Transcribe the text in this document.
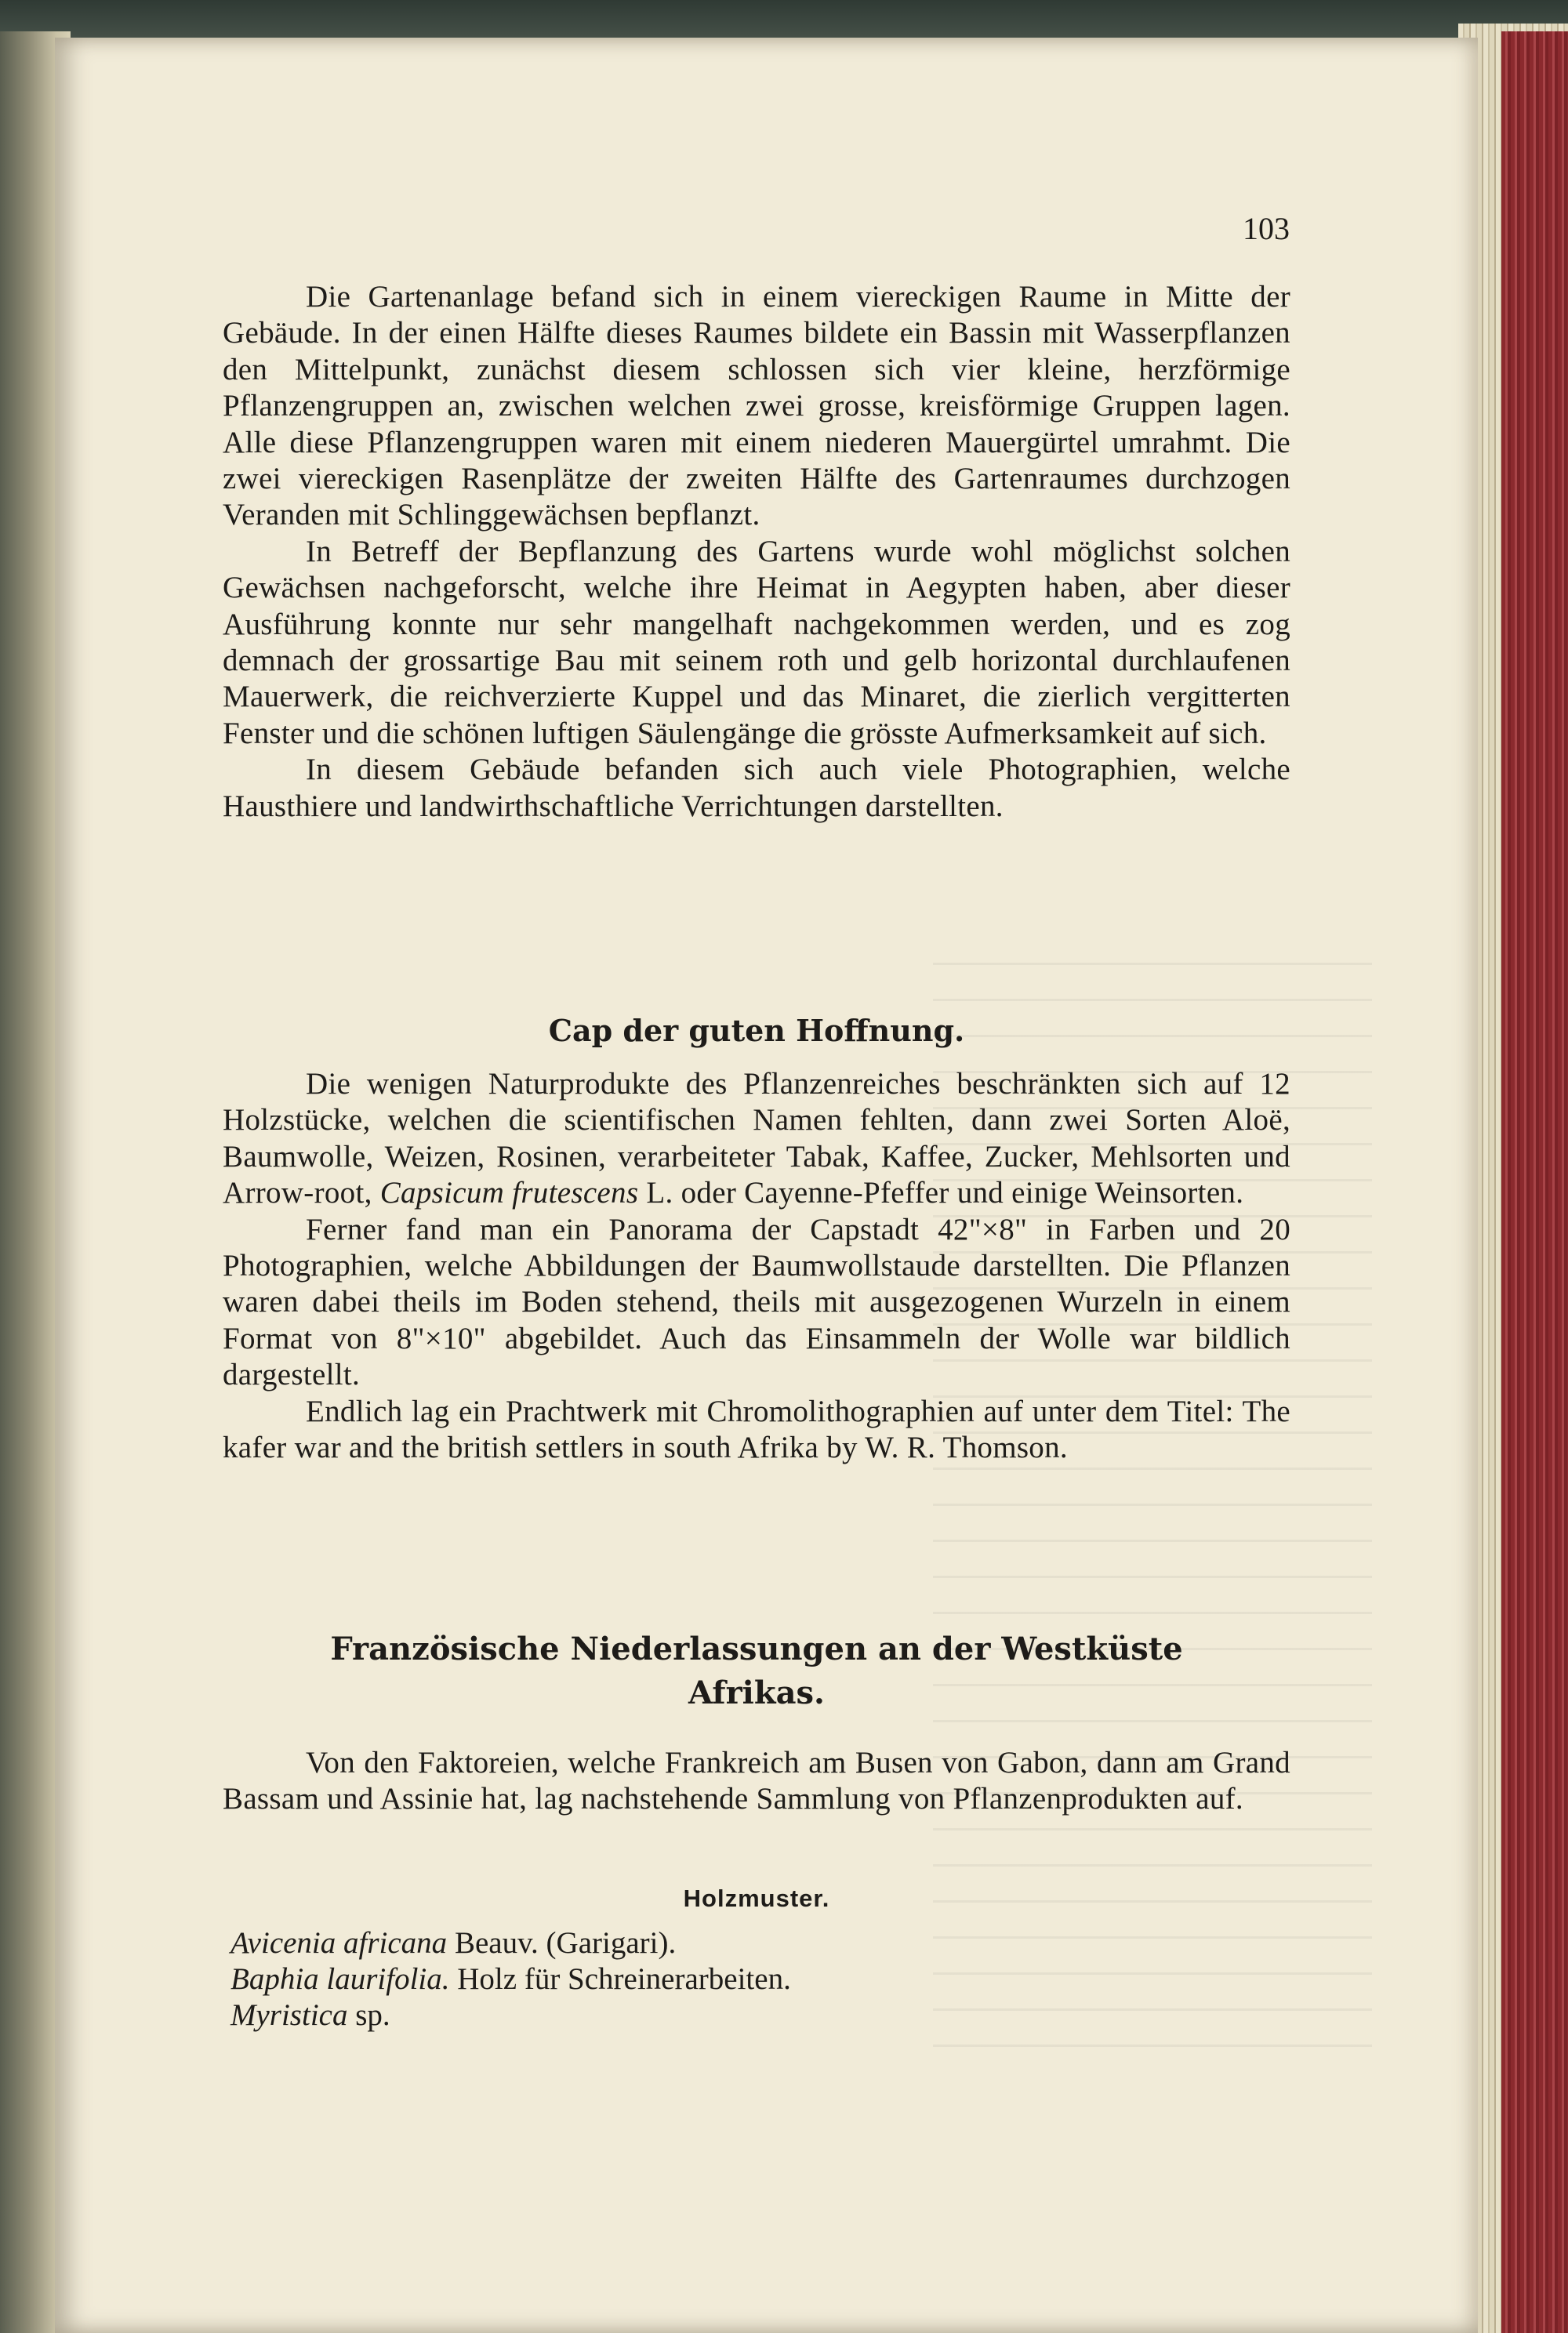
103

Die Gartenanlage befand sich in einem viereckigen Raume in Mitte der Gebäude. In der einen Hälfte dieses Raumes bildete ein Bassin mit Wasserpflanzen den Mittelpunkt, zunächst diesem schlossen sich vier kleine, herzförmige Pflanzengruppen an, zwischen welchen zwei grosse, kreisförmige Gruppen lagen. Alle diese Pflanzengruppen waren mit einem niederen Mauergürtel umrahmt. Die zwei viereckigen Rasenplätze der zweiten Hälfte des Gartenraumes durchzogen Veranden mit Schlinggewächsen bepflanzt.

In Betreff der Bepflanzung des Gartens wurde wohl möglichst solchen Gewächsen nachgeforscht, welche ihre Heimat in Aegypten haben, aber dieser Ausführung konnte nur sehr mangelhaft nachgekommen werden, und es zog demnach der grossartige Bau mit seinem roth und gelb horizontal durchlaufenen Mauerwerk, die reichverzierte Kuppel und das Minaret, die zierlich vergitterten Fenster und die schönen luftigen Säulengänge die grösste Aufmerksamkeit auf sich.

In diesem Gebäude befanden sich auch viele Photographien, welche Hausthiere und landwirthschaftliche Verrichtungen darstellten.

Cap der guten Hoffnung.

Die wenigen Naturprodukte des Pflanzenreiches beschränkten sich auf 12 Holzstücke, welchen die scientifischen Namen fehlten, dann zwei Sorten Aloë, Baumwolle, Weizen, Rosinen, verarbeiteter Tabak, Kaffee, Zucker, Mehlsorten und Arrow-root, Capsicum frutescens L. oder Cayenne-Pfeffer und einige Weinsorten.

Ferner fand man ein Panorama der Capstadt 42"×8" in Farben und 20 Photographien, welche Abbildungen der Baumwollstaude darstellten. Die Pflanzen waren dabei theils im Boden stehend, theils mit ausgezogenen Wurzeln in einem Format von 8"×10" abgebildet. Auch das Einsammeln der Wolle war bildlich dargestellt.

Endlich lag ein Prachtwerk mit Chromolithographien auf unter dem Titel: The kafer war and the british settlers in south Afrika by W. R. Thomson.

Französische Niederlassungen an der Westküste
Afrikas.

Von den Faktoreien, welche Frankreich am Busen von Gabon, dann am Grand Bassam und Assinie hat, lag nachstehende Sammlung von Pflanzenprodukten auf.

Holzmuster.
Avicenia africana Beauv. (Garigari).
Baphia laurifolia. Holz für Schreinerarbeiten.
Myristica sp.
